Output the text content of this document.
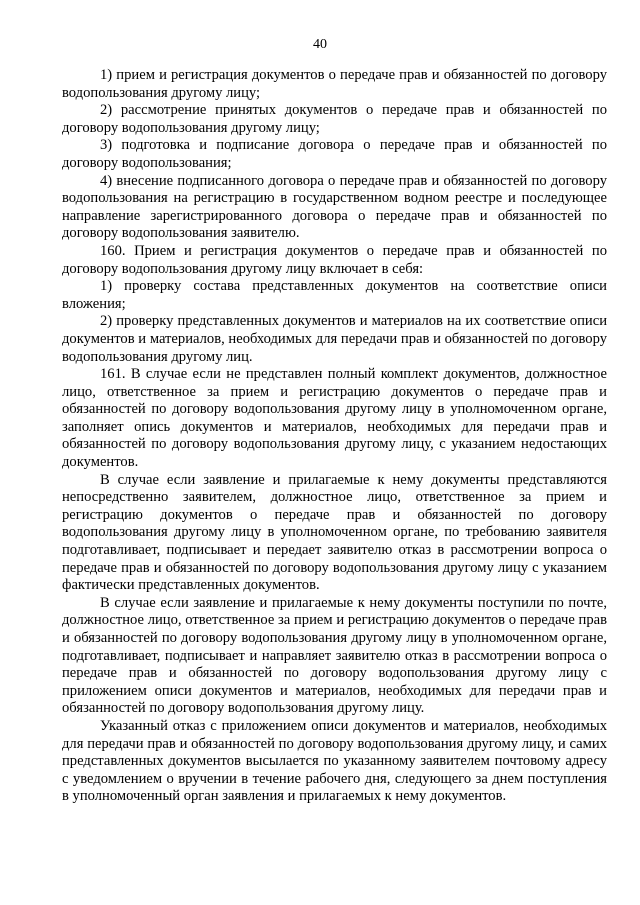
40

1) прием и регистрация документов о передаче прав и обязанностей по договору водопользования другому лицу;

2) рассмотрение принятых документов о передаче прав и обязанностей по договору водопользования другому лицу;

3) подготовка и подписание договора о передаче прав и обязанностей по договору водопользования;

4) внесение подписанного договора о передаче прав и обязанностей по договору водопользования на регистрацию в государственном водном реестре и последующее направление зарегистрированного договора о передаче прав и обязанностей по договору водопользования заявителю.

160. Прием и регистрация документов о передаче прав и обязанностей по договору водопользования другому лицу включает в себя:

1) проверку состава представленных документов на соответствие описи вложения;

2) проверку представленных документов и материалов на их соответствие описи документов и материалов, необходимых для передачи прав и обязанностей по договору водопользования другому лиц.

161. В случае если не представлен полный комплект документов, должностное лицо, ответственное за прием и регистрацию документов о передаче прав и обязанностей по договору водопользования другому лицу в уполномоченном органе, заполняет опись документов и материалов, необходимых для передачи прав и обязанностей по договору водопользования другому лицу, с указанием недостающих документов.

В случае если заявление и прилагаемые к нему документы представляются непосредственно заявителем, должностное лицо, ответственное за прием и регистрацию документов о передаче прав и обязанностей по договору водопользования другому лицу в уполномоченном органе, по требованию заявителя подготавливает, подписывает и передает заявителю отказ в рассмотрении вопроса о передаче прав и обязанностей по договору водопользования другому лицу с указанием фактически представленных документов.

В случае если заявление и прилагаемые к нему документы поступили по почте, должностное лицо, ответственное за прием и регистрацию документов о передаче прав и обязанностей по договору водопользования другому лицу в уполномоченном органе, подготавливает, подписывает и направляет заявителю отказ в рассмотрении вопроса о передаче прав и обязанностей по договору водопользования другому лицу с приложением описи документов и материалов, необходимых для передачи прав и обязанностей по договору водопользования другому лицу.

Указанный отказ с приложением описи документов и материалов, необходимых для передачи прав и обязанностей по договору водопользования другому лицу, и самих представленных документов высылается по указанному заявителем почтовому адресу с уведомлением о вручении в течение рабочего дня, следующего за днем поступления в уполномоченный орган заявления и прилагаемых к нему документов.
